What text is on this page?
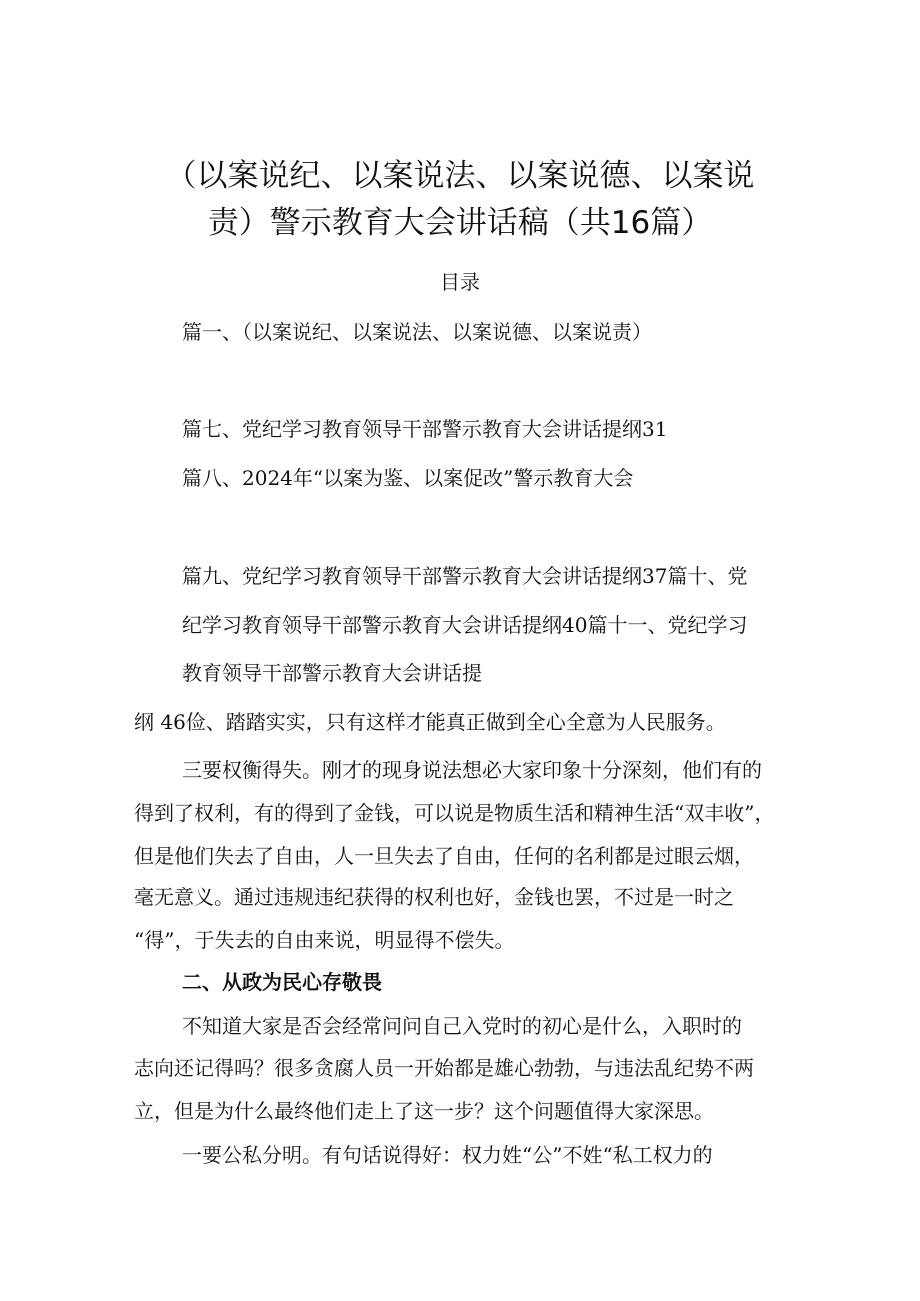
（以案说纪、以案说法、以案说德、以案说
责）警示教育大会讲话稿（共16篇）
目录
篇一、（以案说纪、以案说法、以案说德、以案说责）
篇七、党纪学习教育领导干部警示教育大会讲话提纲31
篇八、2024年“以案为鉴、以案促改”警示教育大会
篇九、党纪学习教育领导干部警示教育大会讲话提纲37篇十、党
纪学习教育领导干部警示教育大会讲话提纲40篇十一、党纪学习
教育领导干部警示教育大会讲话提
纲 46俭、踏踏实实，只有这样才能真正做到全心全意为人民服务。
三要权衡得失。刚才的现身说法想必大家印象十分深刻，他们有的
得到了权利，有的得到了金钱，可以说是物质生活和精神生活“双丰收”，
但是他们失去了自由，人一旦失去了自由，任何的名利都是过眼云烟，
毫无意义。通过违规违纪获得的权利也好，金钱也罢，不过是一时之
“得”，于失去的自由来说，明显得不偿失。
二、从政为民心存敬畏
不知道大家是否会经常问问自己入党时的初心是什么，入职时的
志向还记得吗？很多贪腐人员一开始都是雄心勃勃，与违法乱纪势不两
立，但是为什么最终他们走上了这一步？这个问题值得大家深思。
一要公私分明。有句话说得好：权力姓“公”不姓“私工权力的
